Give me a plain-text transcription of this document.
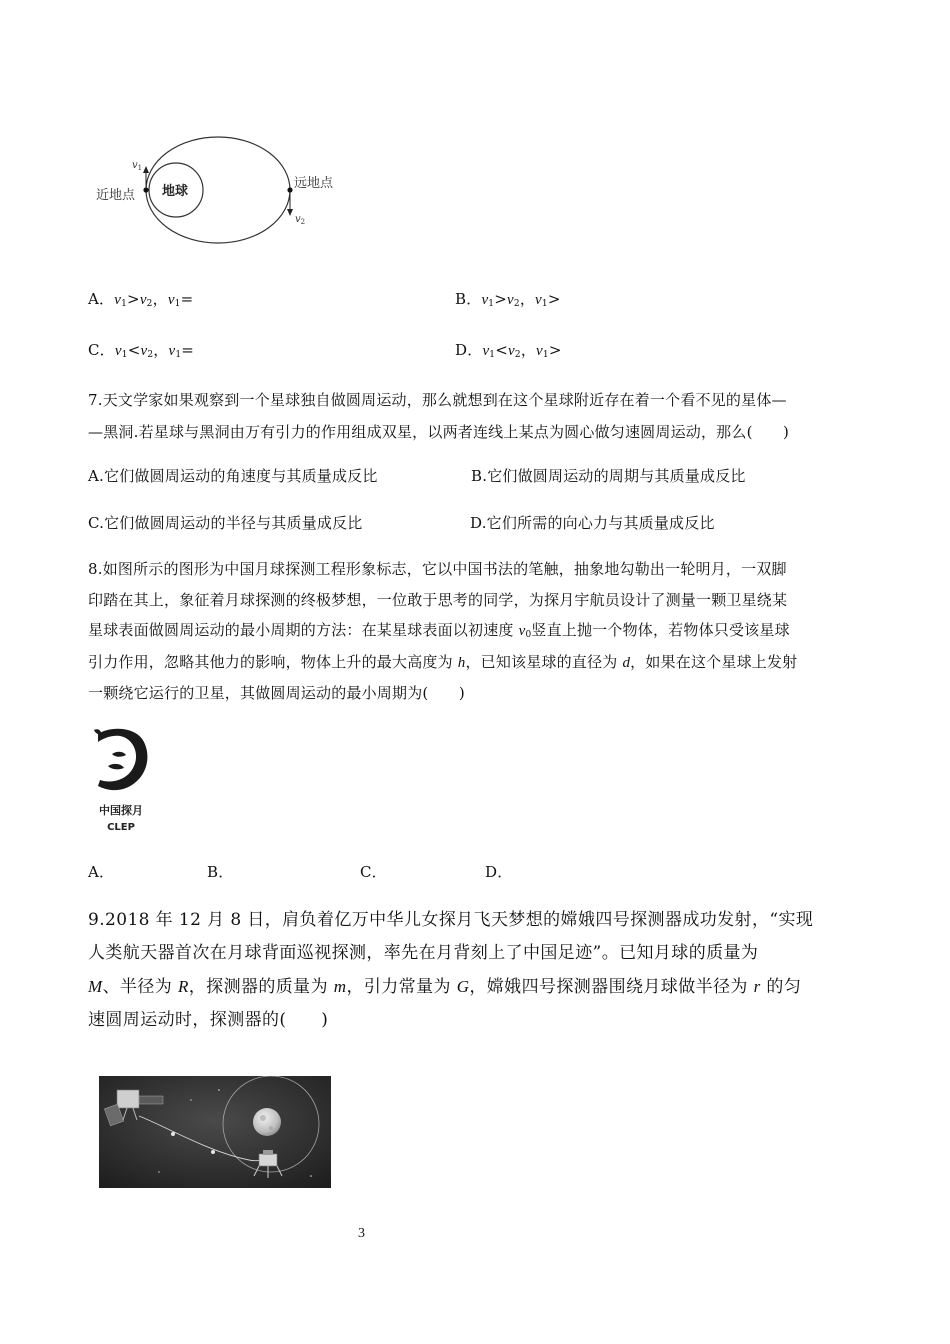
地球
近地点
远地点
$v_1$
$v_2$
A．$v_1>v_2$，$v_1=$	B．$v_1>v_2$，$v_1>$
C．$v_1<v_2$，$v_1=$	D．$v_1<v_2$，$v_1>$
7.天文学家如果观察到一个星球独自做圆周运动，那么就想到在这个星球附近存在着一个看不见的星体—
—黑洞.若星球与黑洞由万有引力的作用组成双星，以两者连线上某点为圆心做匀速圆周运动，那么(　　)
A.它们做圆周运动的角速度与其质量成反比	B.它们做圆周运动的周期与其质量成反比
C.它们做圆周运动的半径与其质量成反比	D.它们所需的向心力与其质量成反比
8.如图所示的图形为中国月球探测工程形象标志，它以中国书法的笔触，抽象地勾勒出一轮明月，一双脚
印踏在其上，象征着月球探测的终极梦想，一位敢于思考的同学，为探月宇航员设计了测量一颗卫星绕某
星球表面做圆周运动的最小周期的方法：在某星球表面以初速度 $v_0$竖直上抛一个物体，若物体只受该星球
引力作用，忽略其他力的影响，物体上升的最大高度为 h，已知该星球的直径为 d，如果在这个星球上发射
一颗绕它运行的卫星，其做圆周运动的最小周期为(　　)
中国探月
CLEP
A．	B．	C．	D．
9.2018 年 12 月 8 日，肩负着亿万中华儿女探月飞天梦想的嫦娥四号探测器成功发射，“实现
人类航天器首次在月球背面巡视探测，率先在月背刻上了中国足迹”。已知月球的质量为
M、半径为 R，探测器的质量为 m，引力常量为 G，嫦娥四号探测器围绕月球做半径为 r 的匀
速圆周运动时，探测器的(　　)
3
